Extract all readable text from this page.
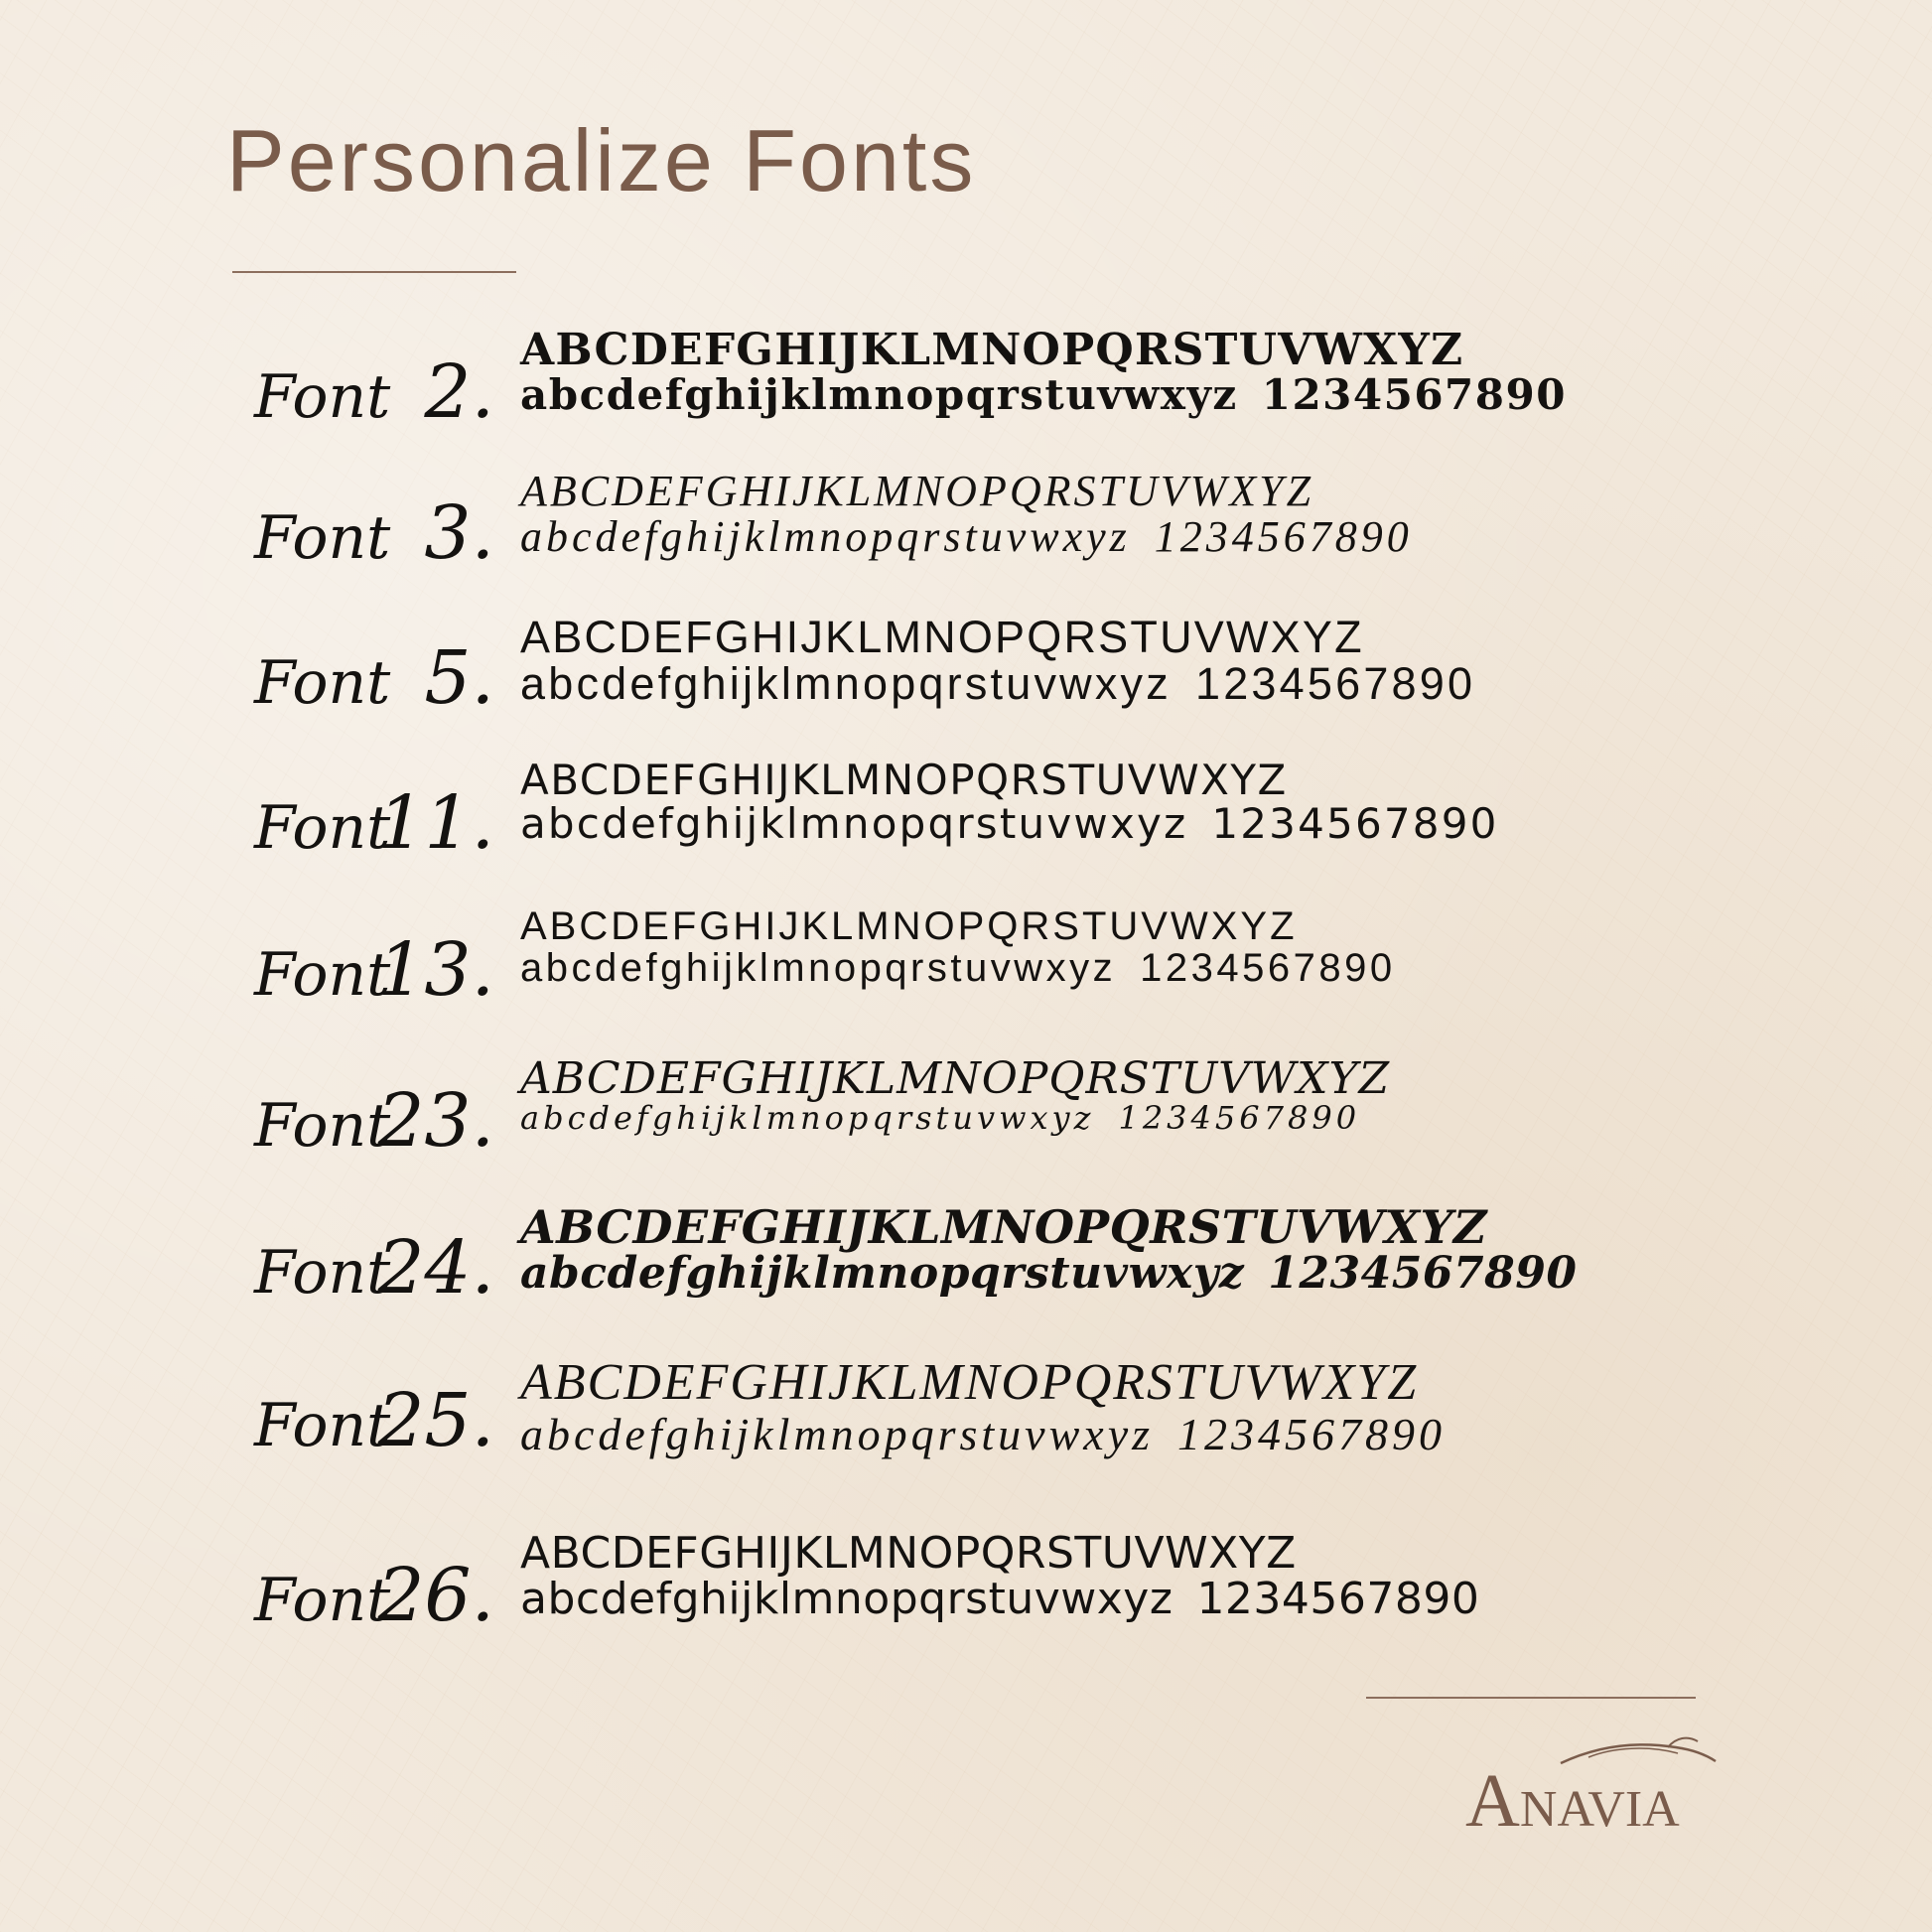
Personalize Fonts
Font 2. ABCDEFGHIJKLMNOPQRSTUVWXYZ
abcdefghijklmnopqrstuvwxyz 1234567890
Font 3. ABCDEFGHIJKLMNOPQRSTUVWXYZ
abcdefghijklmnopqrstuvwxyz 1234567890
Font 5. ABCDEFGHIJKLMNOPQRSTUVWXYZ
abcdefghijklmnopqrstuvwxyz 1234567890
Font
11.
ABCDEFGHIJKLMNOPQRSTUVWXYZ
abcdefghijklmnopqrstuvwxyz 1234567890
Font
13.
ABCDEFGHIJKLMNOPQRSTUVWXYZ
abcdefghijklmnopqrstuvwxyz 1234567890
Font
23. ABCDEFGHIJKLMNOPQRSTUVWXYZ
abcdefghijklmnopqrstuvwxyz 1234567890
Font
24. ABCDEFGHIJKLMNOPQRSTUVWXYZ
abcdefghijklmnopqrstuvwxyz 1234567890
Font
25. ABCDEFGHIJKLMNOPQRSTUVWXYZ
abcdefghijklmnopqrstuvwxyz 1234567890
Font
26. ABCDEFGHIJKLMNOPQRSTUVWXYZ
abcdefghijklmnopqrstuvwxyz 1234567890
ANAVIA
